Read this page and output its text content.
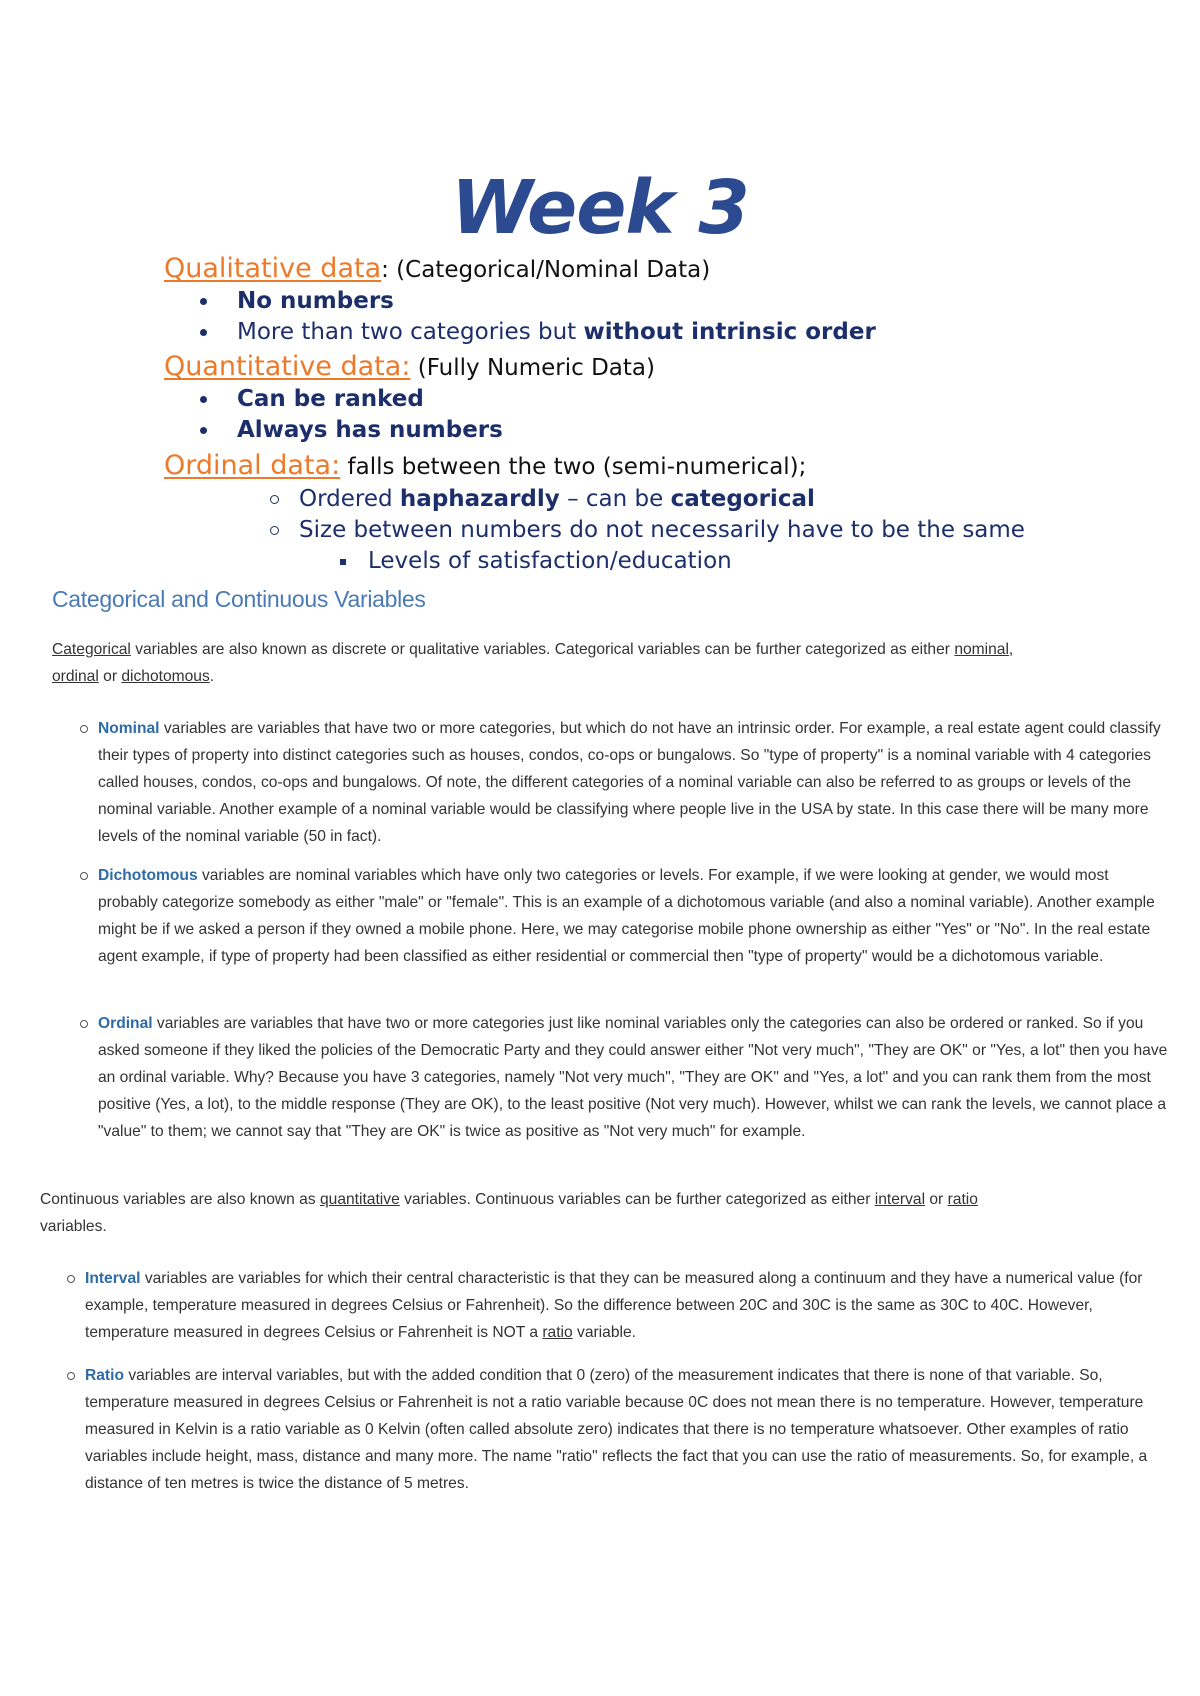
Week 3
Qualitative data: (Categorical/Nominal Data)
No numbers
More than two categories but without intrinsic order
Quantitative data: (Fully Numeric Data)
Can be ranked
Always has numbers
Ordinal data: falls between the two (semi-numerical);
Ordered haphazardly – can be categorical
Size between numbers do not necessarily have to be the same
Levels of satisfaction/education
Categorical and Continuous Variables
Categorical variables are also known as discrete or qualitative variables. Categorical variables can be further categorized as either nominal,
ordinal or dichotomous.
Nominal variables are variables that have two or more categories, but which do not have an intrinsic order. For example, a real estate agent could classify their types of property into distinct categories such as houses, condos, co-ops or bungalows. So "type of property" is a nominal variable with 4 categories called houses, condos, co-ops and bungalows. Of note, the different categories of a nominal variable can also be referred to as groups or levels of the nominal variable. Another example of a nominal variable would be classifying where people live in the USA by state. In this case there will be many more levels of the nominal variable (50 in fact).
Dichotomous variables are nominal variables which have only two categories or levels. For example, if we were looking at gender, we would most probably categorize somebody as either "male" or "female". This is an example of a dichotomous variable (and also a nominal variable). Another example might be if we asked a person if they owned a mobile phone. Here, we may categorise mobile phone ownership as either "Yes" or "No". In the real estate agent example, if type of property had been classified as either residential or commercial then "type of property" would be a dichotomous variable.
Ordinal variables are variables that have two or more categories just like nominal variables only the categories can also be ordered or ranked. So if you asked someone if they liked the policies of the Democratic Party and they could answer either "Not very much", "They are OK" or "Yes, a lot" then you have an ordinal variable. Why? Because you have 3 categories, namely "Not very much", "They are OK" and "Yes, a lot" and you can rank them from the most positive (Yes, a lot), to the middle response (They are OK), to the least positive (Not very much). However, whilst we can rank the levels, we cannot place a "value" to them; we cannot say that "They are OK" is twice as positive as "Not very much" for example.
Continuous variables are also known as quantitative variables. Continuous variables can be further categorized as either interval or ratio
variables.
Interval variables are variables for which their central characteristic is that they can be measured along a continuum and they have a numerical value (for example, temperature measured in degrees Celsius or Fahrenheit). So the difference between 20C and 30C is the same as 30C to 40C. However, temperature measured in degrees Celsius or Fahrenheit is NOT a ratio variable.
Ratio variables are interval variables, but with the added condition that 0 (zero) of the measurement indicates that there is none of that variable. So, temperature measured in degrees Celsius or Fahrenheit is not a ratio variable because 0C does not mean there is no temperature. However, temperature measured in Kelvin is a ratio variable as 0 Kelvin (often called absolute zero) indicates that there is no temperature whatsoever. Other examples of ratio variables include height, mass, distance and many more. The name "ratio" reflects the fact that you can use the ratio of measurements. So, for example, a distance of ten metres is twice the distance of 5 metres.
